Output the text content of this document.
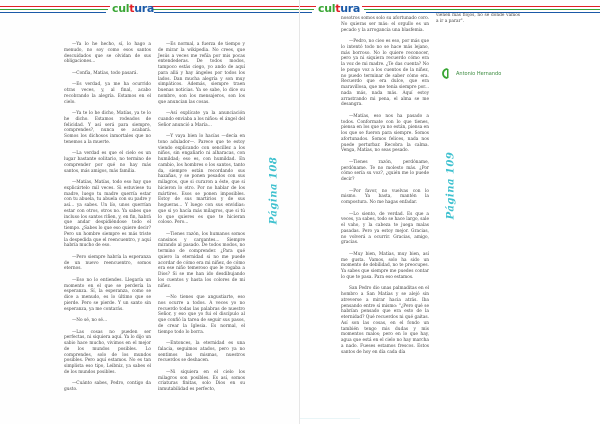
cultura

—Ya lo he hecho, sí, lo hago a menudo, no soy como esos santos descuidados que se olvidan de sus obligaciones...

—Confía, Matías, todo pasará.

—Es verdad, ya me ha ocurrido otras veces, y, al final, acabo recobrando la alegría. Estamos en el cielo.

—Ya te lo he dicho, Matías, ya te lo he dicho. Estamos rodeados de felicidad. Y así será para siempre, comprendes?, nunca se acabará. Somos los dichosos inmortales que no tenemos a la muerte.

—La verdad es que el cielo es un lugar bastante solitario, no termino de comprender por qué no hay más santos, más amigos, más familia.

—Matías, Matías, todo eso hay que explicártelo mil veces. Si estuviese tu madre, luego tu madre querría estar con tu abuela, tu abuela con su padre y así... ya sabes. Un lío, unos querrían estar con otros, otros no. Ya sabes que incluso los santos riñen, y, en fin, habrá que andar despidiéndose todo el tiempo. ¿Sabes lo que eso quiere decir? Pero un hombre siempre es más triste la despedida que el reencuentro, y aquí habría mucho de eso.

—Pero siempre habría la esperanza de un nuevo reencuentro, somos eternos.

—Eso no lo entiendes. Llegaría un momento en el que se perdería la esperanza. Sí, la esperanza, como se dice a menudo, es lo último que se pierde. Pero se pierde. Y un santo sin esperanza, ya me contarás.

—No sé, no sé...

—Las cosas no pueden ser perfectas, ni siquiera aquí. Ya lo dijo un sabio hace mucho, vivimos en el mejor de los mundos posibles. Lo comprendes, solo de los mundos posibles. Pero aquí estamos. No es tan simplista eso tipo, Leibniz, ya sabes el de los mundos posibles.

—Cuánto sabes, Pedro, contigo da gusto.

—Es normal, a fuerza de tiempo y de mirar la wikipedia. No crees, que Jesús a veces me reñía por mis pocas entendederas. De todos modos, tampoco estás ciego, yo ando de aquí para allá y hay ángeles por todos los lados. Dan mucha alegría y son muy simpáticos. Además, siempre traen buenas noticias. Ya se sabe, lo dice su nombre, son los mensajeros, son los que anuncian las cosas.

—Así explícate ya la anunciación cuando enviaba a los niños: el ángel del Señor anunció a María...

—Y vaya bien lo hacías —decía en tono adulador—. Parece que te estoy viendo explicando con sencillez a los niños, sin engañarlo ni alharacas, con humildad; eso es, con humildad. En cambio, los hombres o los santos, tanto da, siempre están recordando sus hazañas, y se ponen pesados con sus milagros, que si curaron a éste, que si hicieron lo otro. Por no hablar de los mártires. Esos se ponen imposibles. Estoy de sus martirios y de sus hogueras... Y luego con sus envidias: que si yo hacía más milagros, que si tú lo que quieres es que te hicieran coloso. Pero...

—Tienes razón, los humanos somos cansinos y cargantes... Siempre mirando al pasado. De todos modos, no termino de comprender. ¿Para qué quiero la eternidad si no me puede acordar de cómo era mi niñez, de cómo era ese niño temeroso que le rogaba a Dios? Si se me han ido desdibujando los cuentos y hasta los colores de mi niñez.

—No tienes que angustiarte, eso nos ocurre a todos. A veces yo no recuerdo todas las palabras de nuestro Señor, y eso que yo fui el discípulo al que confió la tarea de seguir sus pasos, de crear la Iglesia. Es normal, el tiempo todo lo borra.

—Entonces, la eternidad es una falacia, seguimos atados, pero ya no sentimos las mismas, nuestros recuerdos se deshacen.

—Ni siquiera en el cielo los milagros son posibles. Es así, somos criaturas finitas, solo Dios en su inmutabilidad es perfecto,

Página 108
cultura

nosotros somos solo su afortunado coro. No quieras ser más: el orgullo es un pecado y la arrogancia una blasfemia.

—Pedro, no cieo es eso, por más que lo intentó todo no se hace más lejano, más borroso. No lo quiere reconocer, pero ya ni siquiera recuerdo cómo era la voz de mi madre. ¿Te das cuenta? No le pongo voz a los cuentos de la niñez, no puedo terminar de saber cómo era. Recuerdo que era dulce, que era maravillosa, que me tenía siempre por... nada más, nada más. Aquí estoy arrastrando mi pena, el alma se me desangra.

—Matías, eso nos ha pasado a todos. Conformate con lo que tienes, piensa en los que ya no están, piensa en los que se fueron para siempre. Somos afortunados. Somos felices, nada nos puede perturbar. Recobra la calma. Venga, Matías, no seas pesado.

—Tienes razón, perdóname, perdóname. Te no molesto más. ¿Por cómo sería su voz?, ¿quién me lo puede decir?

—Por favor, no vuelvas con lo mismo. Ya basta, mantén la compostura. No me hagas enfadar.

—Lo siento, de verdad. Es que a veces, ya sabes, todo se hace largo, sale el vaho, y la cabeza te juega malas pasadas. Pero ya estoy mejor. Gracias, no volverá a ocurrir. Gracias, amigo, gracias.

—Muy bien, Matías, muy bien, así me gusta. Vamos, solo ha sido un momento de debilidad, no te preocupes. Ya sabes que siempre me puedes contar lo que te pasa. Para eso estamos.

San Pedro dio unas palmaditas en el hombro a San Matías y se alejó sin atreverse a mirar hacia atrás. Iba pensando entre sí mismo: "¿Pero qué se habrían pensado que era esto de la eternidad? Qué recuerdos ni qué gaitas. Así son las cosas, en el fondo un también tengo mis dudas y mis momentos malos; pero en lo que hay, agua que está en el cielo no hay marcha a nado. Fueses estamos frescos. Estos santos de hoy en día cada día

vienen más flojos, no sé dónde vamos a ir a parar".
Antonio Hernando
Página 109
